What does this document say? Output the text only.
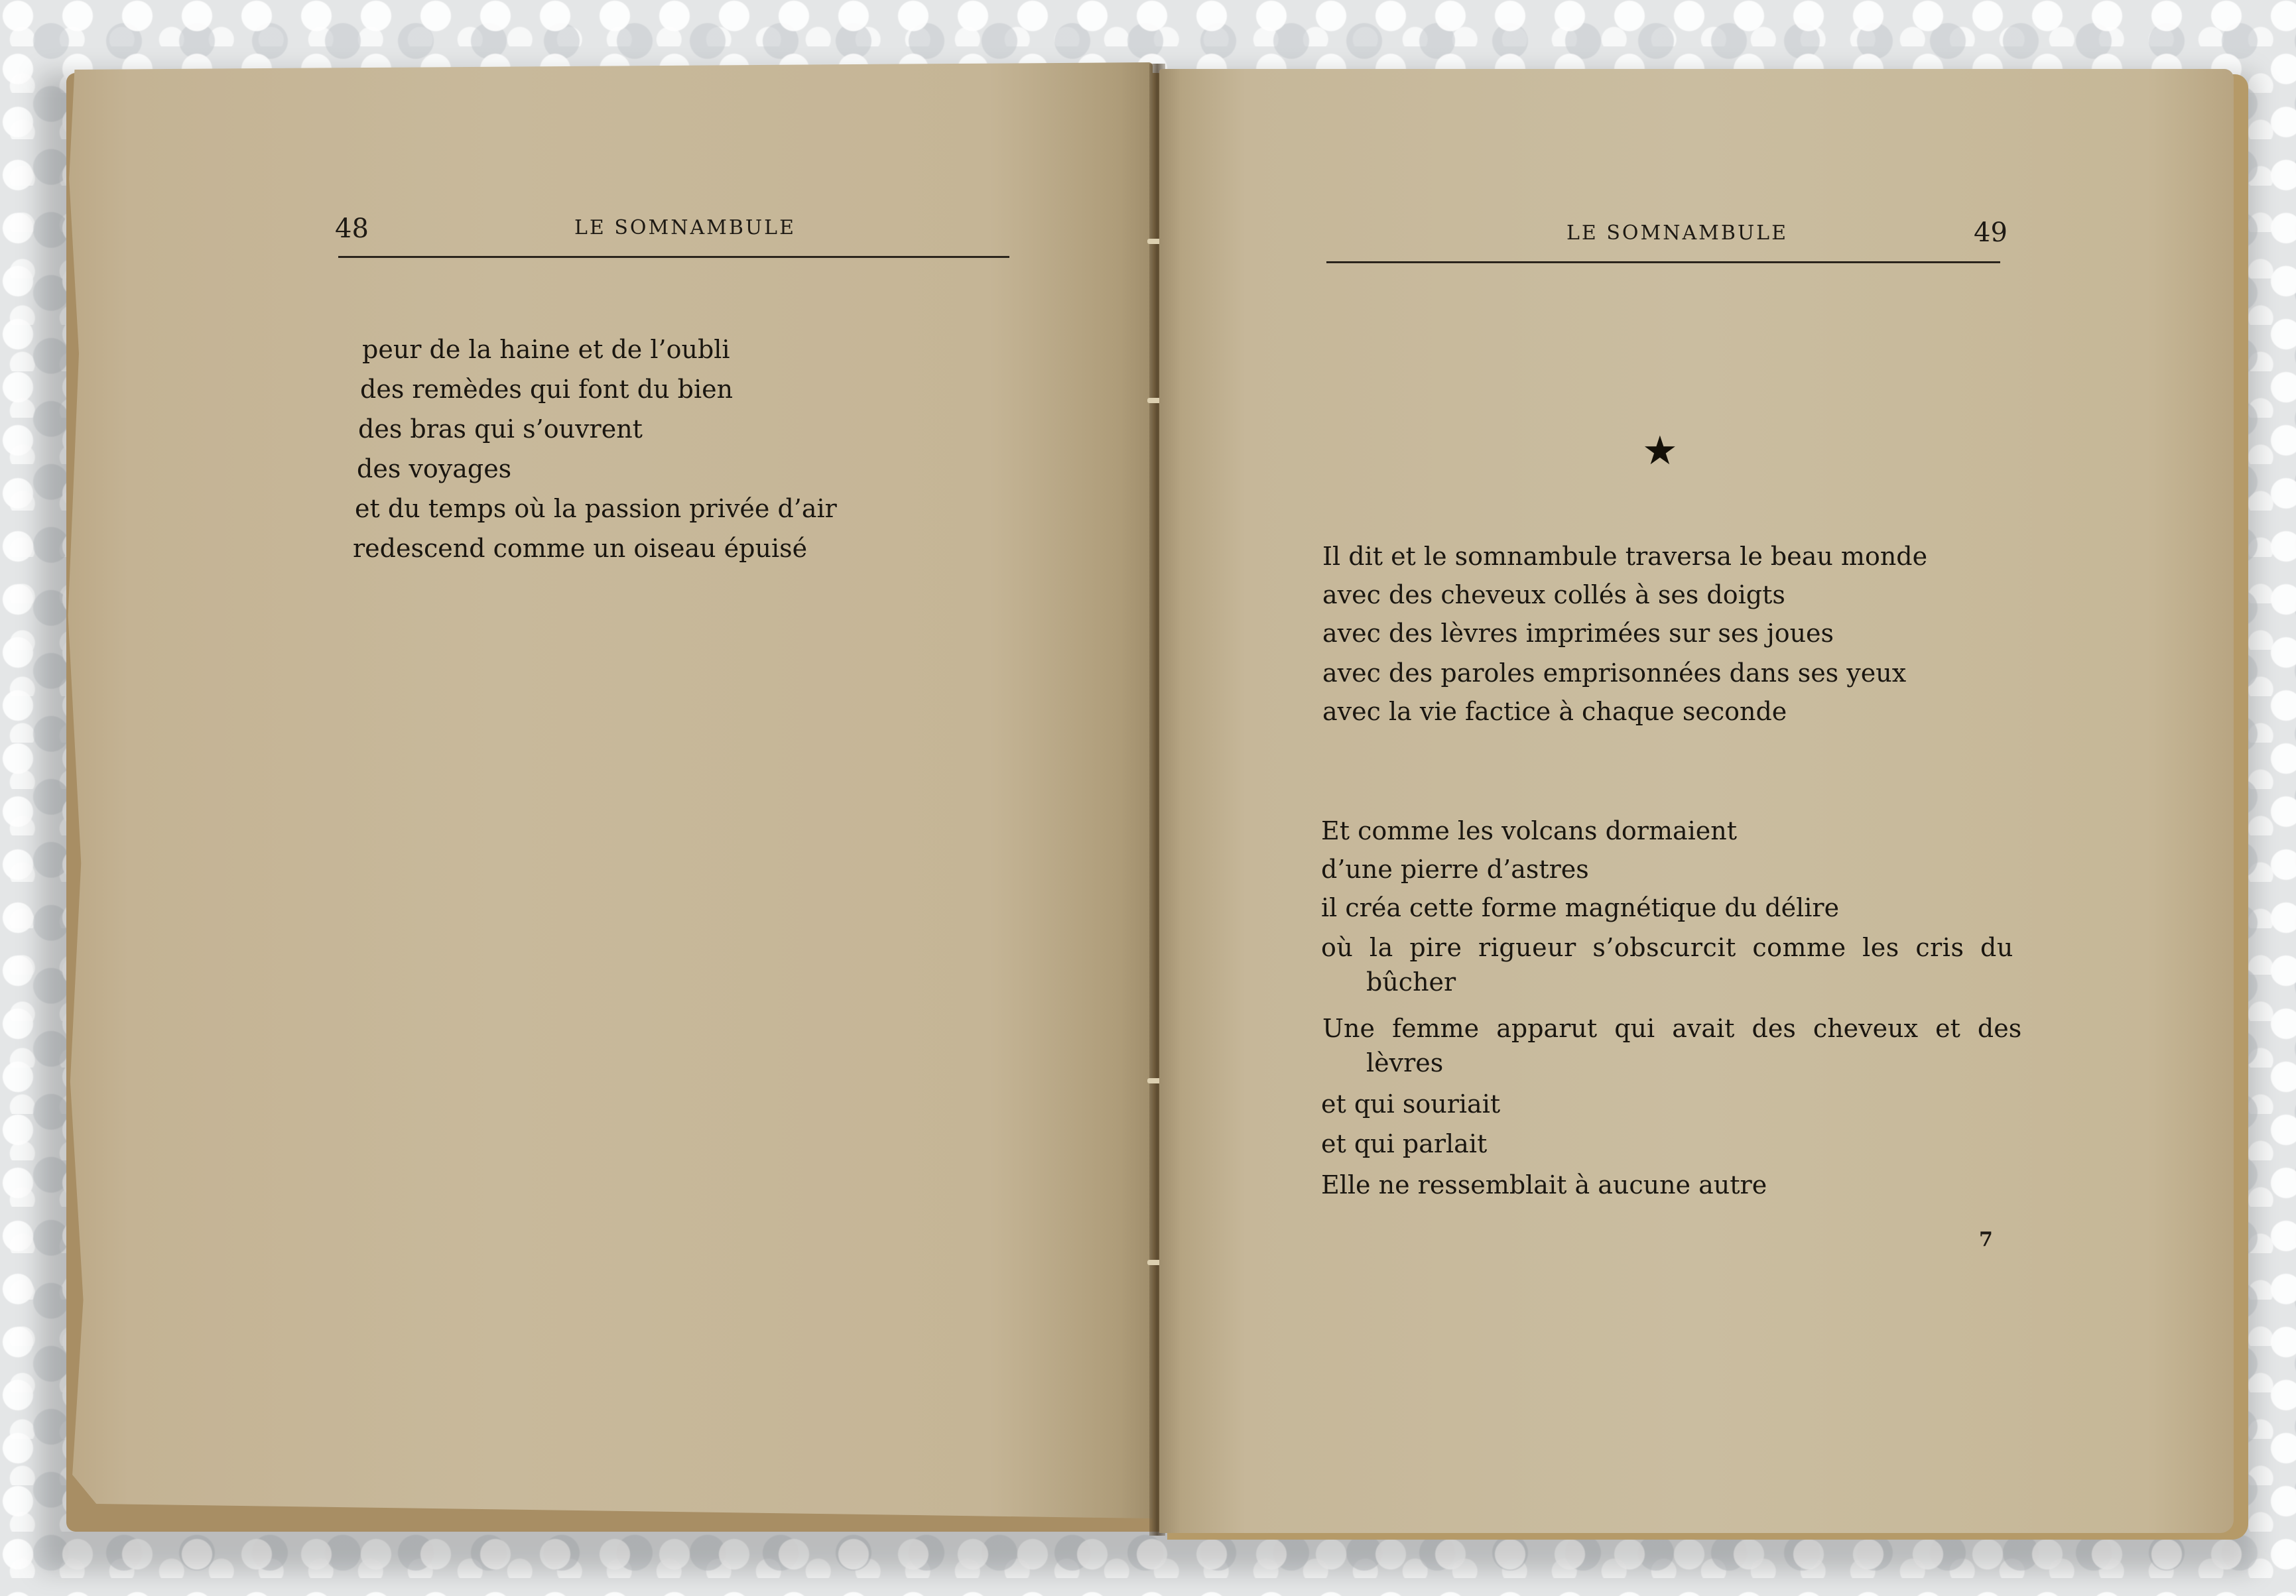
48	LE SOMNAMBULE
peur de la haine et de l’oubli
des remèdes qui font du bien
des bras qui s’ouvrent
des voyages
et du temps où la passion privée d’air
redescend comme un oiseau épuisé
LE SOMNAMBULE	49
★
Il dit et le somnambule traversa le beau monde
avec des cheveux collés à ses doigts
avec des lèvres imprimées sur ses joues
avec des paroles emprisonnées dans ses yeux
avec la vie factice à chaque seconde
Et comme les volcans dormaient
d’une pierre d’astres
il créa cette forme magnétique du délire
où la pire rigueur s’obscurcit comme les cris du
bûcher
Une femme apparut qui avait des cheveux et des
lèvres
et qui souriait
et qui parlait
Elle ne ressemblait à aucune autre
7
